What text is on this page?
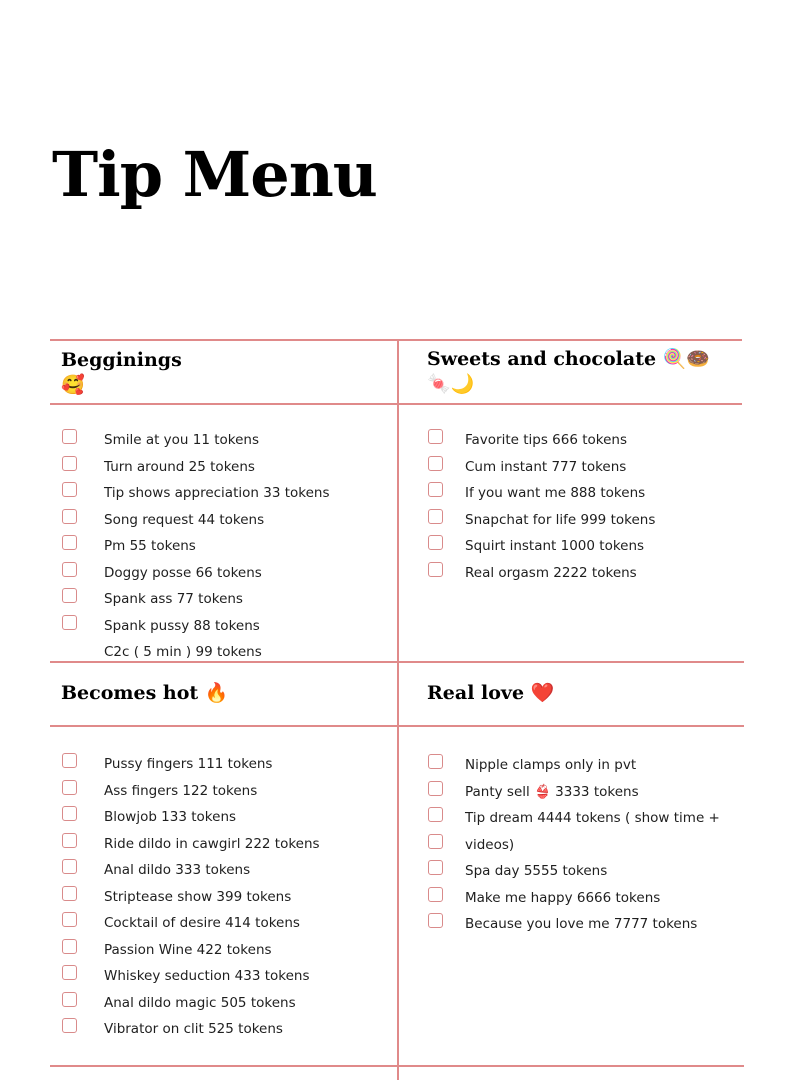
Tip Menu
Begginings
🥰
Smile at you 11 tokens
Turn around 25 tokens
Tip shows appreciation 33 tokens
Song request 44 tokens
Pm 55 tokens
Doggy posse 66 tokens
Spank ass 77 tokens
Spank pussy 88 tokens
C2c ( 5 min ) 99 tokens
Sweets and chocolate 🍭🍩
🍬🌙
Favorite tips 666 tokens
Cum instant 777 tokens
If you want me 888 tokens
Snapchat for life 999 tokens
Squirt instant 1000 tokens
Real orgasm 2222 tokens
Becomes hot 🔥
Pussy fingers 111 tokens
Ass fingers 122 tokens
Blowjob 133 tokens
Ride dildo in cawgirl 222 tokens
Anal dildo 333 tokens
Striptease show 399 tokens
Cocktail of desire 414 tokens
Passion Wine 422 tokens
Whiskey seduction 433 tokens
Anal dildo magic 505 tokens
Vibrator on clit 525 tokens
Real love ❤️
Nipple clamps only in pvt
Panty sell 👙 3333 tokens
Tip dream 4444 tokens ( show time +
videos)
Spa day 5555 tokens
Make me happy 6666 tokens
Because you love me 7777 tokens
